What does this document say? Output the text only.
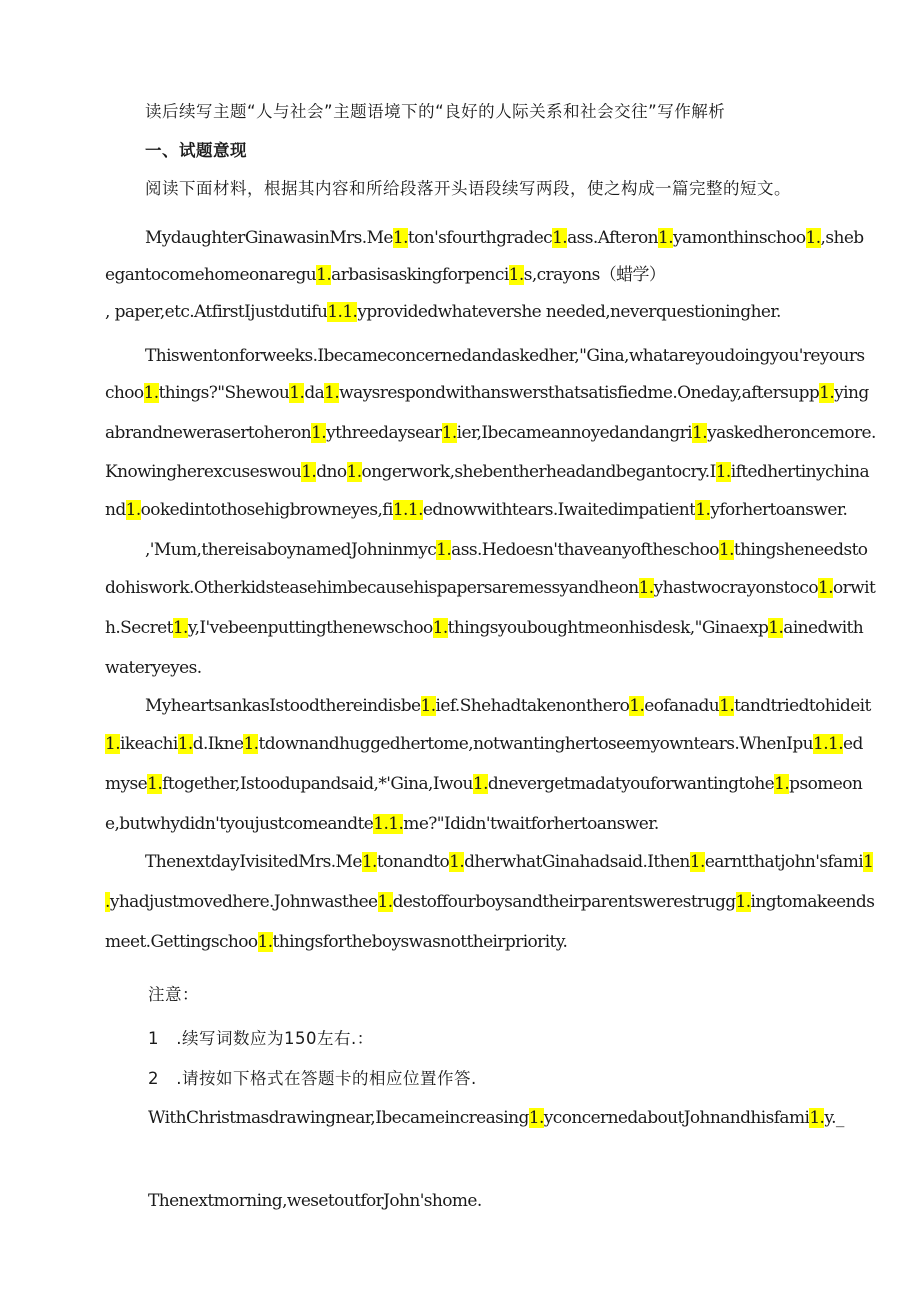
读后续写主题“人与社会”主题语境下的“良好的人际关系和社会交往”写作解析
一、试题意现
阅读下面材料，根据其内容和所给段落开头语段续写两段，使之构成一篇完整的短文。
MydaughterGinawasinMrs.Me1.ton'sfourthgradec1.ass.Afteron1.yamonthinschoo1.,sheb
egantocomehomeonaregu1.arbasisaskingforpenci1.s,crayons（蜡学）
, paper,etc.AtfirstIjustdutifu1.1.yprovidedwhatevershe needed,neverquestioningher.
Thiswentonforweeks.Ibecameconcernedandaskedher,"Gina,whatareyoudoingyou'reyours
choo1.things?"Shewou1.da1.waysrespondwithanswersthatsatisfiedme.Oneday,aftersupp1.ying
abrandnewerasertoheron1.ythreedaysear1.ier,Ibecameannoyedandangri1.yaskedheroncemore.
Knowingherexcuseswou1.dno1.ongerwork,shebentherheadandbegantocry.I1.iftedhertinychina
nd1.ookedintothosehigbrowneyes,fi1.1.ednowwithtears.Iwaitedimpatient1.yforhertoanswer.
,'Mum,thereisaboynamedJohninmyc1.ass.Hedoesn'thaveanyoftheschoo1.thingsheneedsto
dohiswork.Otherkidsteasehimbecausehispapersaremessyandheon1.yhastwocrayonstoco1.orwit
h.Secret1.y,I'vebeenputtingthenewschoo1.thingsyouboughtmeonhisdesk,"Ginaexp1.ainedwith
wateryeyes.
MyheartsankasIstoodthereindisbe1.ief.Shehadtakenonthero1.eofanadu1.tandtriedtohideit
1.ikeachi1.d.Ikne1.tdownandhuggedhertome,notwantinghertoseemyowntears.WhenIpu1.1.ed
myse1.ftogether,Istoodupandsaid,*'Gina,Iwou1.dnevergetmadatyouforwantingtohe1.psomeon
e,butwhydidn'tyoujustcomeandte1.1.me?"Ididn'twaitforhertoanswer.
ThenextdayIvisitedMrs.Me1.tonandto1.dherwhatGinahadsaid.Ithen1.earntthatjohn'sfami1
.yhadjustmovedhere.Johnwasthee1.destoffourboysandtheirparentswerestrugg1.ingtomakeends
meet.Gettingschoo1.thingsfortheboyswasnottheirpriority.
注意：
1 .续写词数应为150左右.：
2 .请按如下格式在答题卡的相应位置作答.
WithChristmasdrawingnear,Ibecameincreasing1.yconcernedaboutJohnandhisfami1.y._
Thenextmorning,wesetoutforJohn'shome.
